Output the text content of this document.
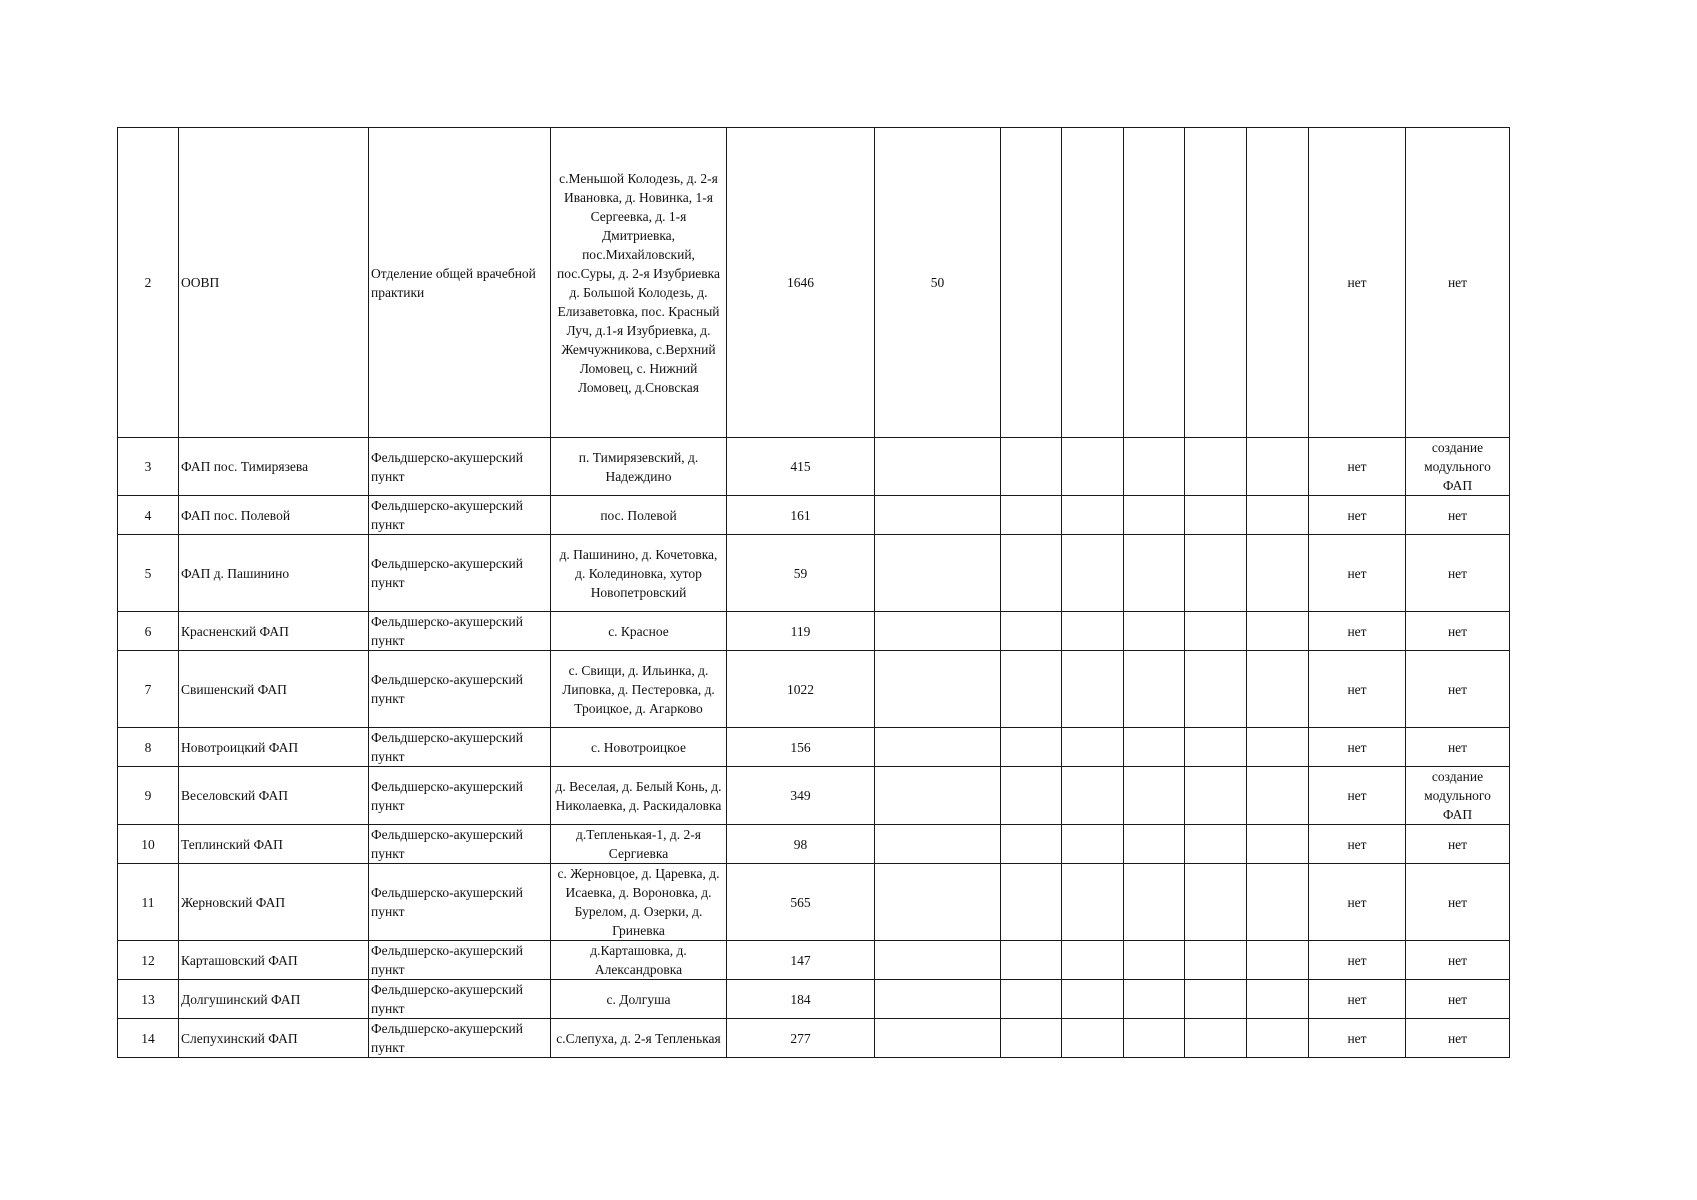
2	ООВП	Отделение общей врачебной практики	с.Меньшой Колодезь, д. 2-я Ивановка, д. Новинка, 1-я Сергеевка, д. 1-я Дмитриевка, пос.Михайловский, пос.Суры, д. 2-я Изубриевка д. Большой Колодезь, д. Елизаветовка, пос. Красный Луч, д.1-я Изубриевка, д. Жемчужникова, с.Верхний Ломовец, с. Нижний Ломовец, д.Сновская	1646	50						нет	нет
3	ФАП пос. Тимирязева	Фельдшерско-акушерский пункт	п. Тимирязевский, д. Надеждино	415							нет	создание модульного ФАП
4	ФАП пос. Полевой	Фельдшерско-акушерский пункт	пос. Полевой	161							нет	нет
5	ФАП д. Пашинино	Фельдшерско-акушерский пункт	д. Пашинино, д. Кочетовка, д. Колединовка, хутор Новопетровский	59							нет	нет
6	Красненский ФАП	Фельдшерско-акушерский пункт	с. Красное	119							нет	нет
7	Свишенский ФАП	Фельдшерско-акушерский пункт	с. Свищи, д. Ильинка, д. Липовка, д. Пестеровка, д. Троицкое, д. Агарково	1022							нет	нет
8	Новотроицкий ФАП	Фельдшерско-акушерский пункт	с. Новотроицкое	156							нет	нет
9	Веселовский ФАП	Фельдшерско-акушерский пункт	д. Веселая, д. Белый Конь, д. Николаевка, д. Раскидаловка	349							нет	создание модульного ФАП
10	Теплинский ФАП	Фельдшерско-акушерский пункт	д.Тепленькая-1, д. 2-я Сергиевка	98							нет	нет
11	Жерновский ФАП	Фельдшерско-акушерский пункт	с. Жерновцое, д. Царевка, д. Исаевка, д. Вороновка, д. Бурелом, д. Озерки, д. Гриневка	565							нет	нет
12	Карташовский ФАП	Фельдшерско-акушерский пункт	д.Карташовка, д. Александровка	147							нет	нет
13	Долгушинский ФАП	Фельдшерско-акушерский пункт	с. Долгуша	184							нет	нет
14	Слепухинский ФАП	Фельдшерско-акушерский пункт	с.Слепуха, д. 2-я Тепленькая	277							нет	нет
